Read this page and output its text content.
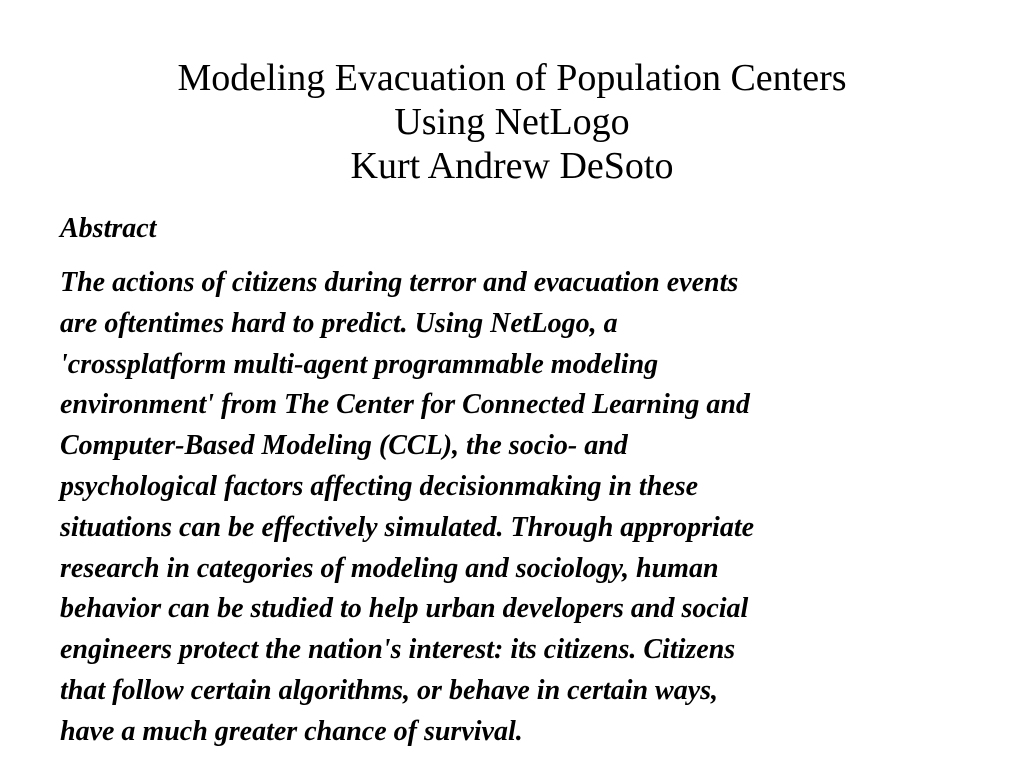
Modeling Evacuation of Population Centers
Using NetLogo
Kurt Andrew DeSoto
Abstract

The actions of citizens during terror and evacuation events
are oftentimes hard to predict. Using NetLogo, a
'crossplatform multi-agent programmable modeling
environment' from The Center for Connected Learning and
Computer-Based Modeling (CCL), the socio- and
psychological factors affecting decisionmaking in these
situations can be effectively simulated. Through appropriate
research in categories of modeling and sociology, human
behavior can be studied to help urban developers and social
engineers protect the nation's interest: its citizens. Citizens
that follow certain algorithms, or behave in certain ways,
have a much greater chance of survival.
